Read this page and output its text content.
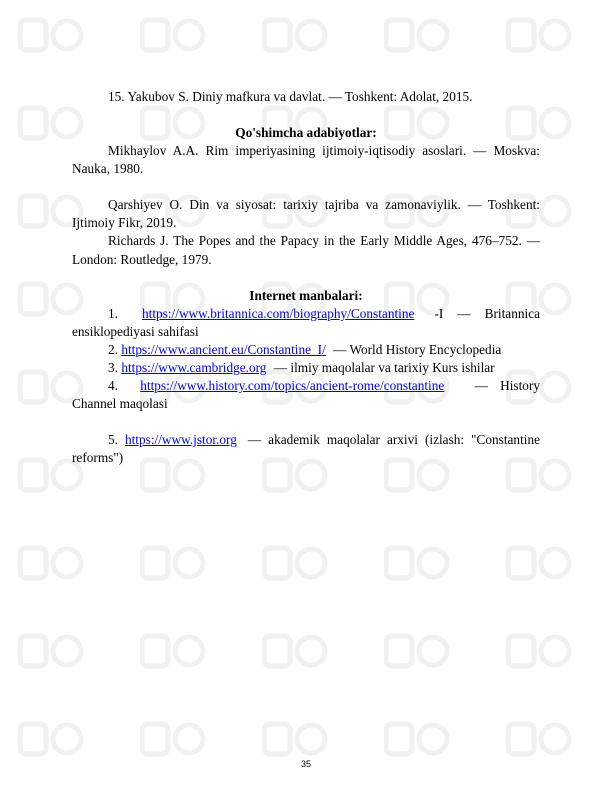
15. Yakubov S. Diniy mafkura va davlat. — Toshkent: Adolat, 2015.

Qo'shimcha adabiyotlar:

Mikhaylov A.A. Rim imperiyasining ijtimoiy-iqtisodiy asoslari. — Moskva: Nauka, 1980.

Qarshiyev O. Din va siyosat: tarixiy tajriba va zamonaviylik. — Toshkent: Ijtimoiy Fikr, 2019.

Richards J. The Popes and the Papacy in the Early Middle Ages, 476–752. — London: Routledge, 1979.

Internet manbalari:

1. https://www.britannica.com/biography/Constantine -I — Britannica

ensiklopediyasi sahifasi

2. https://www.ancient.eu/Constantine_I/ — World History Encyclopedia

3. https://www.cambridge.org — ilmiy maqolalar va tarixiy Kurs ishilar

4. https://www.history.com/topics/ancient-rome/constantine — History

Channel maqolasi

5. https://www.jstor.org — akademik maqolalar arxivi (izlash: "Constantine reforms")

35
